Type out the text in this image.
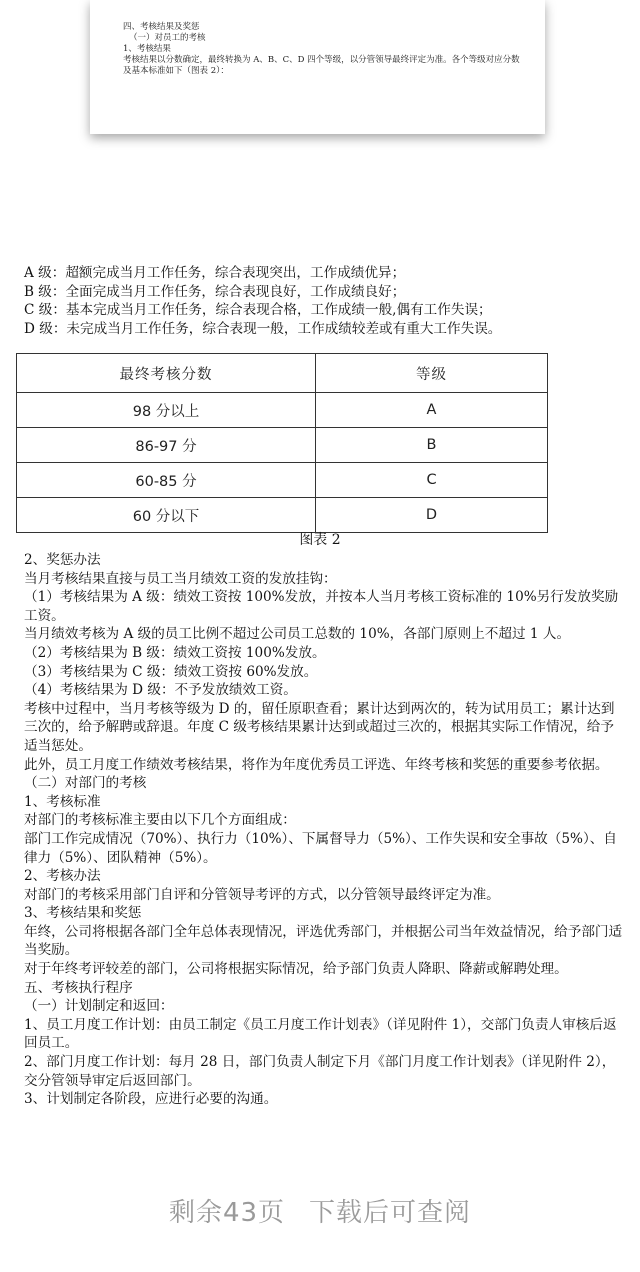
四、考核结果及奖惩

（一）对员工的考核

1、考核结果

考核结果以分数确定，最终转换为 A、B、C、D 四个等级，以分管领导最终评定为准。各个等级对应分数及基本标准如下（图表 2）：

A 级：超额完成当月工作任务，综合表现突出，工作成绩优异；

B 级：全面完成当月工作任务，综合表现良好，工作成绩良好；

C 级：基本完成当月工作任务，综合表现合格，工作成绩一般,偶有工作失误；

D 级：未完成当月工作任务，综合表现一般，工作成绩较差或有重大工作失误。

最终考核分数	等级
98 分以上	A
86-97 分	B
60-85 分	C
60 分以下	D
图表 2

2、奖惩办法

当月考核结果直接与员工当月绩效工资的发放挂钩：

（1）考核结果为 A 级：绩效工资按 100%发放，并按本人当月考核工资标准的 10%另行发放奖励工资。

当月绩效考核为 A 级的员工比例不超过公司员工总数的 10%，各部门原则上不超过 1 人。

（2）考核结果为 B 级：绩效工资按 100%发放。

（3）考核结果为 C 级：绩效工资按 60%发放。

（4）考核结果为 D 级：不予发放绩效工资。

考核中过程中，当月考核等级为 D 的，留任原职查看；累计达到两次的，转为试用员工；累计达到三次的，给予解聘或辞退。年度 C 级考核结果累计达到或超过三次的，根据其实际工作情况，给予适当惩处。

此外，员工月度工作绩效考核结果，将作为年度优秀员工评选、年终考核和奖惩的重要参考依据。

（二）对部门的考核

1、考核标准

对部门的考核标准主要由以下几个方面组成：

部门工作完成情况（70%）、执行力（10%）、下属督导力（5%）、工作失误和安全事故（5%）、自律力（5%）、团队精神（5%）。

2、考核办法

对部门的考核采用部门自评和分管领导考评的方式，以分管领导最终评定为准。

3、考核结果和奖惩

年终，公司将根据各部门全年总体表现情况，评选优秀部门，并根据公司当年效益情况，给予部门适当奖励。

对于年终考评较差的部门，公司将根据实际情况，给予部门负责人降职、降薪或解聘处理。

五、考核执行程序

（一）计划制定和返回：

1、员工月度工作计划：由员工制定《员工月度工作计划表》（详见附件 1），交部门负责人审核后返回员工。

2、部门月度工作计划：每月 28 日，部门负责人制定下月《部门月度工作计划表》（详见附件 2），交分管领导审定后返回部门。

3、计划制定各阶段，应进行必要的沟通。

剩余43页 下载后可查阅
